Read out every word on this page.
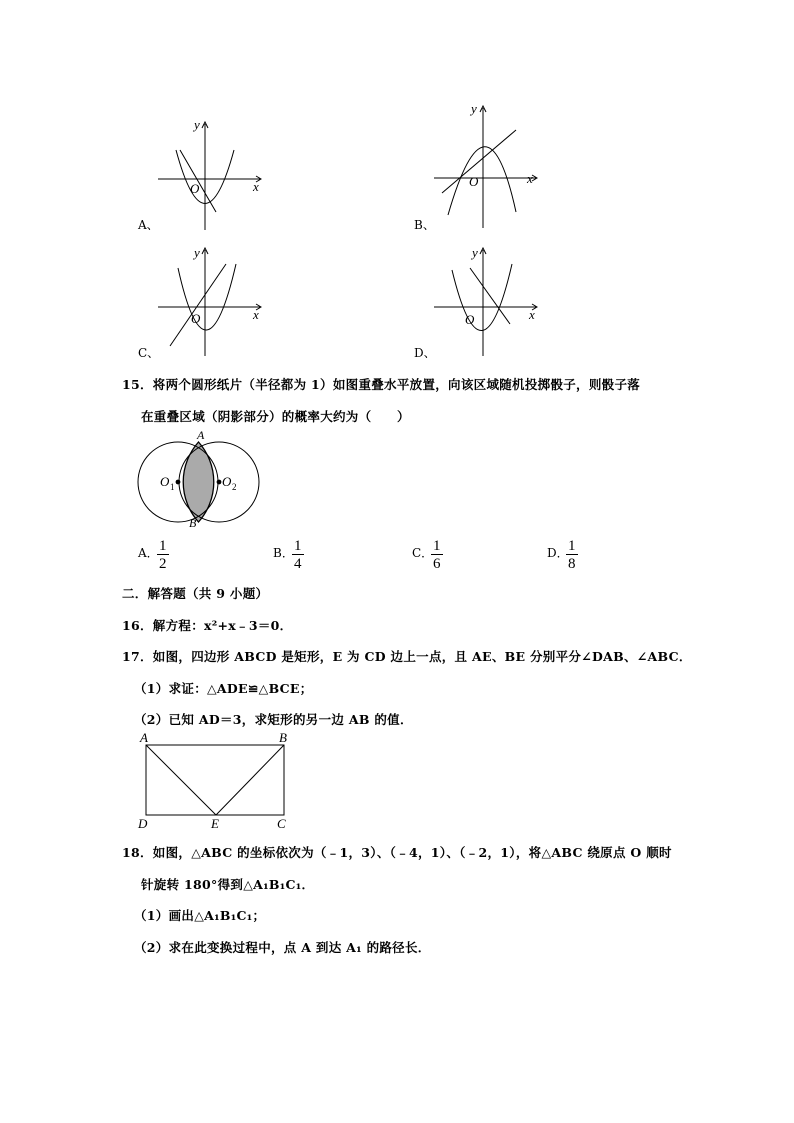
y
x
O
A、
y
x
O
B、
y
x
O
C、
y
x
O
D、
15．将两个圆形纸片（半径都为 1）如图重叠水平放置，向该区域随机投掷骰子，则骰子落
在重叠区域（阴影部分）的概率大约为（　　）
A
B
O 1	O 2
A．
$\frac{1}{2}$	B．
$\frac{1}{4}$	C．
$\frac{1}{6}$	D．
$\frac{1}{8}$
二．解答题（共 9 小题）
16．解方程：x²+x﹣3＝0．
17．如图，四边形 ABCD 是矩形，E 为 CD 边上一点，且 AE、BE 分别平分∠DAB、∠ABC．
（1）求证：△ADE≌△BCE；
（2）已知 AD＝3，求矩形的另一边 AB 的值．
A	B
D	E	C
18．如图，△ABC 的坐标依次为（﹣1，3）、（﹣4，1）、（﹣2，1），将△ABC 绕原点 O 顺时
针旋转 180°得到△A₁B₁C₁．
（1）画出△A₁B₁C₁；
（2）求在此变换过程中，点 A 到达 A₁ 的路径长．
